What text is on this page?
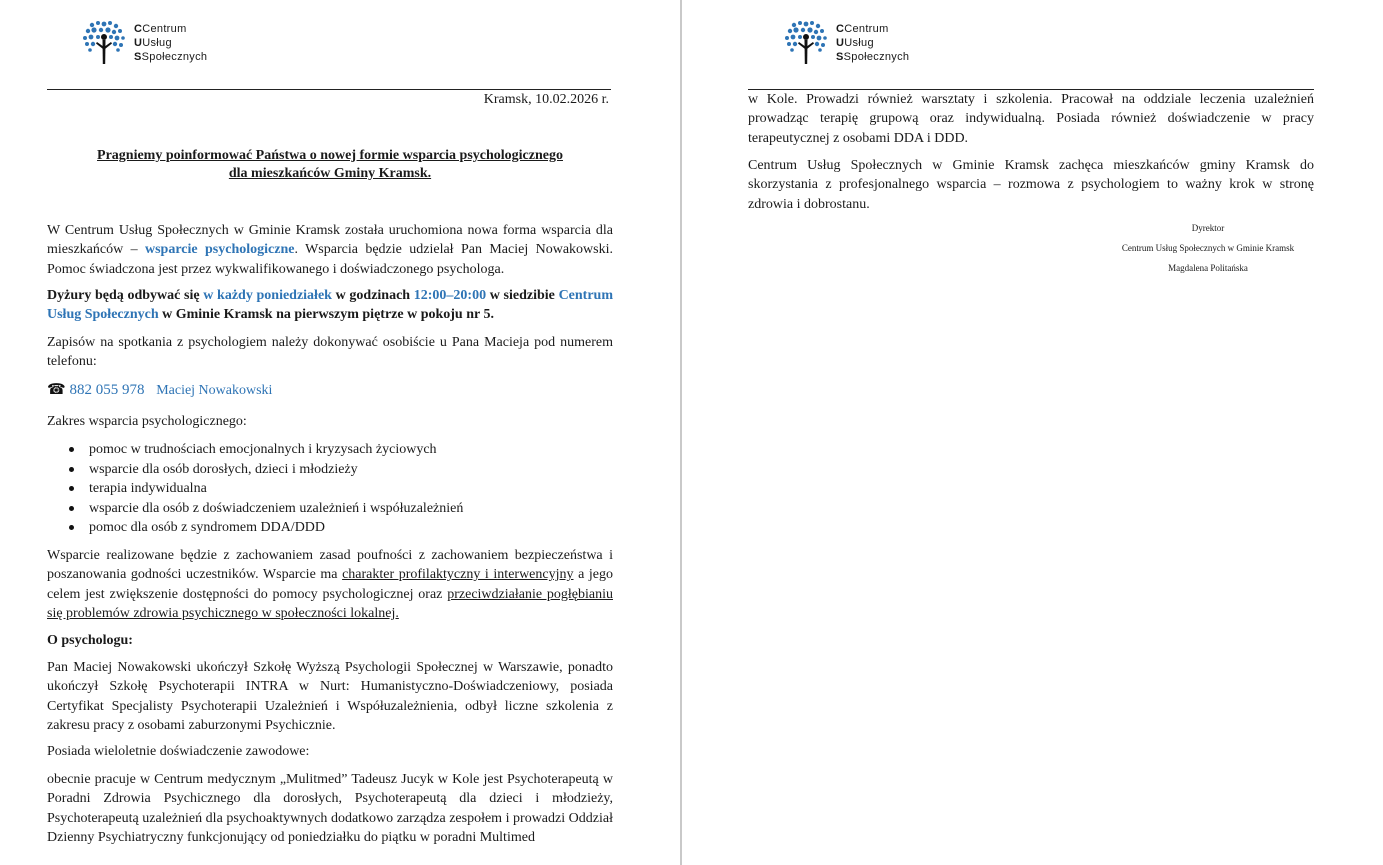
CCentrum
UUsług
SSpołecznych
Kramsk, 10.02.2026 r.
Pragniemy poinformować Państwa o nowej formie wsparcia psychologicznego
dla mieszkańców Gminy Kramsk.
W Centrum Usług Społecznych w Gminie Kramsk została uruchomiona nowa forma wsparcia dla mieszkańców – wsparcie psychologiczne. Wsparcia będzie udzielał Pan Maciej Nowakowski. Pomoc świadczona jest przez wykwalifikowanego i doświadczonego psychologa.
Dyżury będą odbywać się w każdy poniedziałek w godzinach 12:00–20:00 w siedzibie Centrum Usług Społecznych w Gminie Kramsk na pierwszym piętrze w pokoju nr 5.
Zapisów na spotkania z psychologiem należy dokonywać osobiście u Pana Macieja pod numerem telefonu:
☎ 882 055 978 Maciej Nowakowski
Zakres wsparcia psychologicznego:
pomoc w trudnościach emocjonalnych i kryzysach życiowych
wsparcie dla osób dorosłych, dzieci i młodzieży
terapia indywidualna
wsparcie dla osób z doświadczeniem uzależnień i współuzależnień
pomoc dla osób z syndromem DDA/DDD
Wsparcie realizowane będzie z zachowaniem zasad poufności z zachowaniem bezpieczeństwa i poszanowania godności uczestników. Wsparcie ma charakter profilaktyczny i interwencyjny a jego celem jest zwiększenie dostępności do pomocy psychologicznej oraz przeciwdziałanie pogłębianiu się problemów zdrowia psychicznego w społeczności lokalnej.
O psychologu:
Pan Maciej Nowakowski ukończył Szkołę Wyższą Psychologii Społecznej w Warszawie, ponadto ukończył Szkołę Psychoterapii INTRA w Nurt: Humanistyczno-Doświadczeniowy, posiada Certyfikat Specjalisty Psychoterapii Uzależnień i Współuzależnienia, odbył liczne szkolenia z zakresu pracy z osobami zaburzonymi Psychicznie.
Posiada wieloletnie doświadczenie zawodowe:
obecnie pracuje w Centrum medycznym „Mulitmed” Tadeusz Jucyk w Kole jest Psychoterapeutą w Poradni Zdrowia Psychicznego dla dorosłych, Psychoterapeutą dla dzieci i młodzieży, Psychoterapeutą uzależnień dla psychoaktywnych dodatkowo zarządza zespołem i prowadzi Oddział Dzienny Psychiatryczny funkcjonujący od poniedziałku do piątku w poradni Multimed
CCentrum
UUsług
SSpołecznych
w Kole. Prowadzi również warsztaty i szkolenia. Pracował na oddziale leczenia uzależnień prowadząc terapię grupową oraz indywidualną. Posiada również doświadczenie w pracy terapeutycznej z osobami DDA i DDD.
Centrum Usług Społecznych w Gminie Kramsk zachęca mieszkańców gminy Kramsk do skorzystania z profesjonalnego wsparcia – rozmowa z psychologiem to ważny krok w stronę zdrowia i dobrostanu.
Dyrektor
Centrum Usług Społecznych w Gminie Kramsk
Magdalena Politańska
